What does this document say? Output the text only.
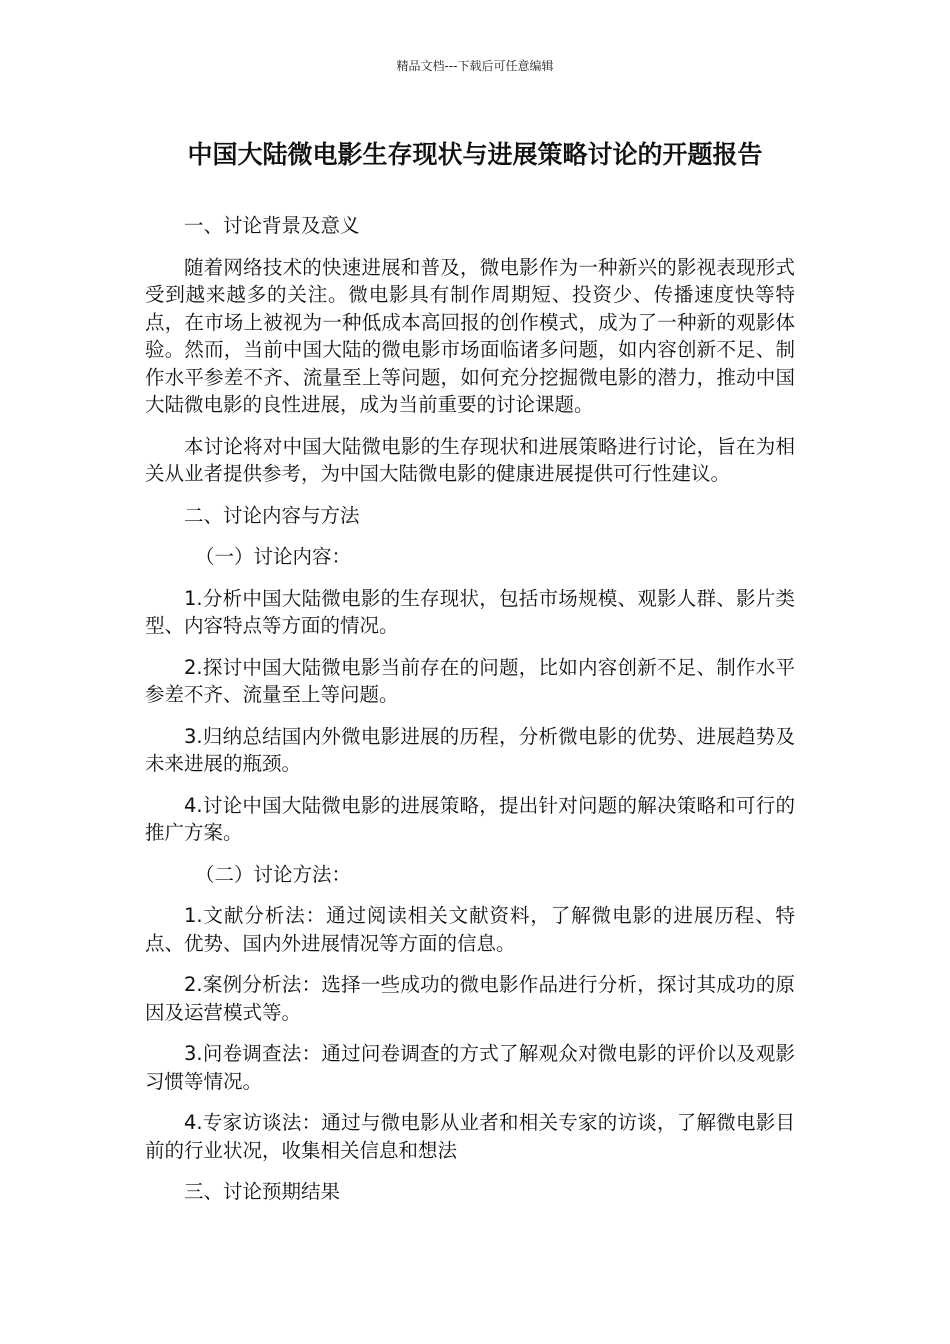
精品文档---下载后可任意编辑
中国大陆微电影生存现状与进展策略讨论的开题报告

一、讨论背景及意义

随着网络技术的快速进展和普及，微电影作为一种新兴的影视表现形式受到越来越多的关注。微电影具有制作周期短、投资少、传播速度快等特点，在市场上被视为一种低成本高回报的创作模式，成为了一种新的观影体验。然而，当前中国大陆的微电影市场面临诸多问题，如内容创新不足、制作水平参差不齐、流量至上等问题，如何充分挖掘微电影的潜力，推动中国大陆微电影的良性进展，成为当前重要的讨论课题。

本讨论将对中国大陆微电影的生存现状和进展策略进行讨论，旨在为相关从业者提供参考，为中国大陆微电影的健康进展提供可行性建议。

二、讨论内容与方法

（一）讨论内容：

1.分析中国大陆微电影的生存现状，包括市场规模、观影人群、影片类型、内容特点等方面的情况。

2.探讨中国大陆微电影当前存在的问题，比如内容创新不足、制作水平参差不齐、流量至上等问题。

3.归纳总结国内外微电影进展的历程，分析微电影的优势、进展趋势及未来进展的瓶颈。

4.讨论中国大陆微电影的进展策略，提出针对问题的解决策略和可行的推广方案。

（二）讨论方法：

1.文献分析法：通过阅读相关文献资料，了解微电影的进展历程、特点、优势、国内外进展情况等方面的信息。

2.案例分析法：选择一些成功的微电影作品进行分析，探讨其成功的原因及运营模式等。

3.问卷调查法：通过问卷调查的方式了解观众对微电影的评价以及观影习惯等情况。

4.专家访谈法：通过与微电影从业者和相关专家的访谈，了解微电影目前的行业状况，收集相关信息和想法

三、讨论预期结果
